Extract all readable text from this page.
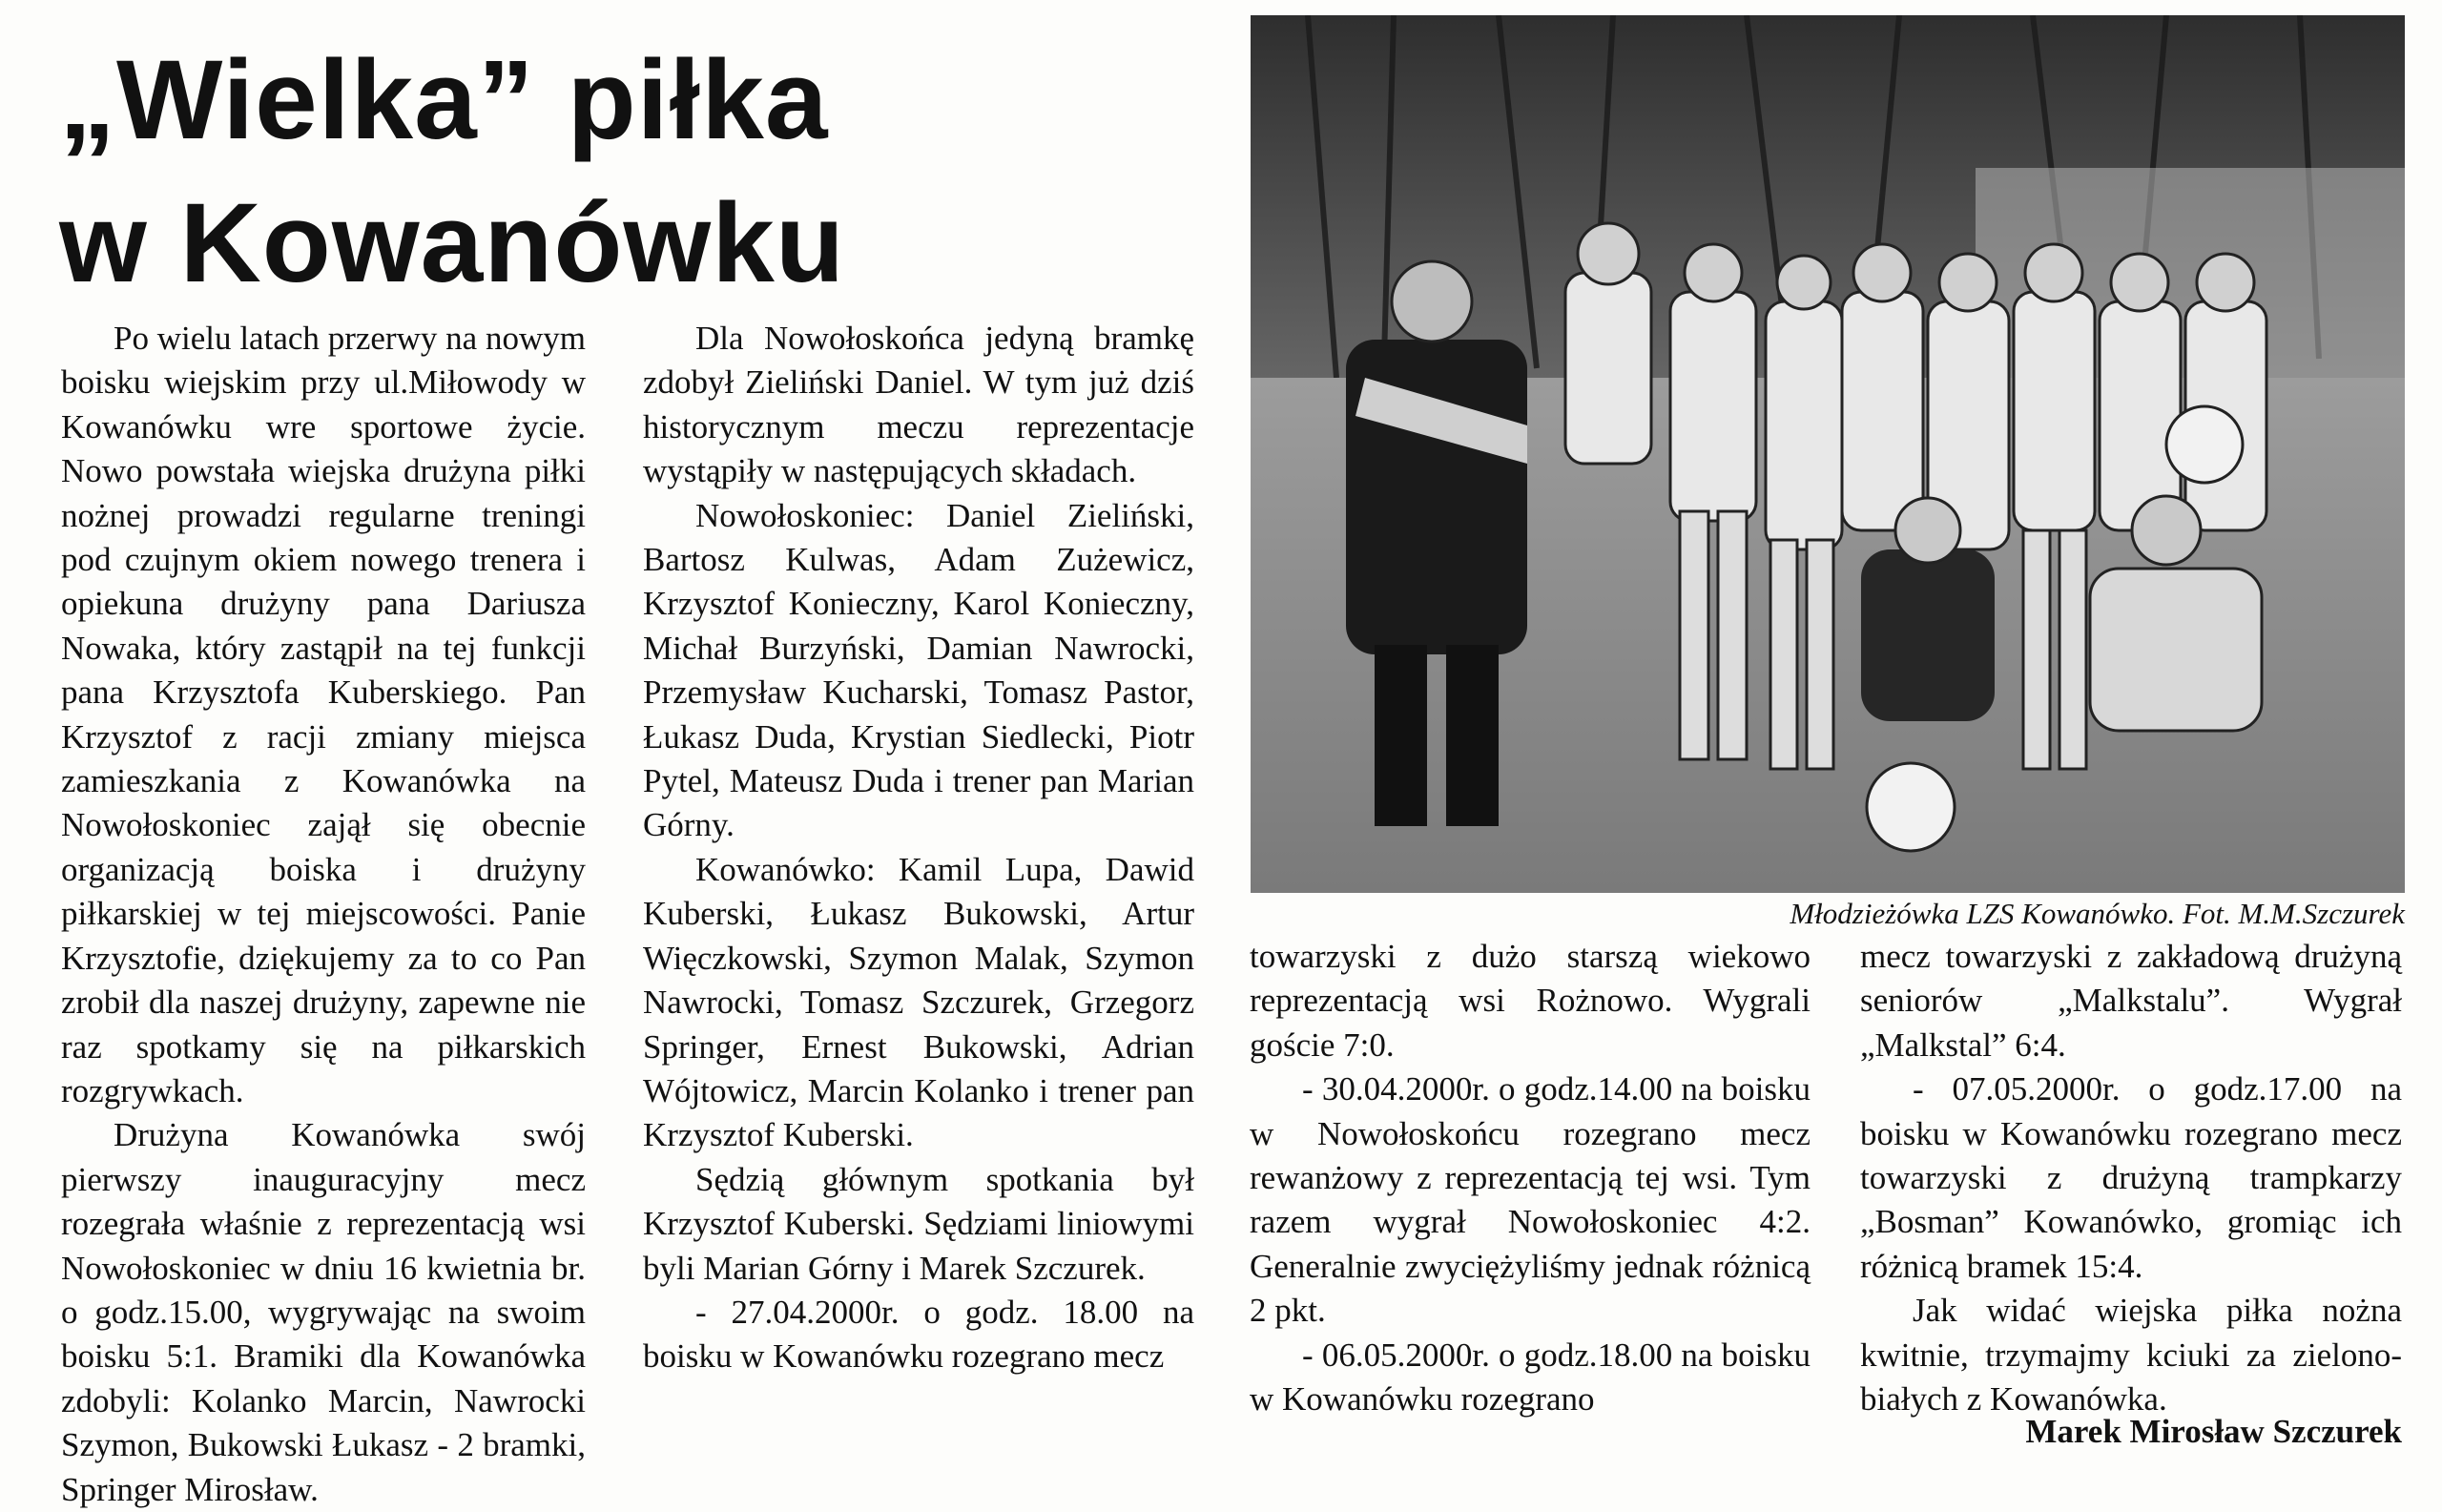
„Wielka” piłka
w Kowanówku

Po wielu latach przerwy na nowym boisku wiejskim przy ul.Miłowody w Kowanówku wre sportowe życie. Nowo powstała wiejska drużyna piłki nożnej prowadzi regularne treningi pod czujnym okiem nowego trenera i opiekuna drużyny pana Dariusza Nowaka, który zastąpił na tej funkcji pana Krzysztofa Kuberskiego. Pan Krzysztof z racji zmiany miejsca zamieszkania z Kowanówka na Nowołoskoniec zajął się obecnie organizacją boiska i drużyny piłkarskiej w tej miejscowości. Panie Krzysztofie, dziękujemy za to co Pan zrobił dla naszej drużyny, zapewne nie raz spotkamy się na piłkarskich rozgrywkach.

Drużyna Kowanówka swój pierwszy inauguracyjny mecz rozegrała właśnie z reprezentacją wsi Nowołoskoniec w dniu 16 kwietnia br. o godz.15.00, wygrywając na swoim boisku 5:1. Bramiki dla Kowanówka zdobyli: Kolanko Marcin, Nawrocki Szymon, Bukowski Łukasz - 2 bramki, Springer Mirosław.

Dla Nowołoskońca jedyną bramkę zdobył Zieliński Daniel. W tym już dziś historycznym meczu reprezentacje wystąpiły w następujących składach.

Nowołoskoniec: Daniel Zieliński, Bartosz Kulwas, Adam Zużewicz, Krzysztof Konieczny, Karol Konieczny, Michał Burzyński, Damian Nawrocki, Przemysław Kucharski, Tomasz Pastor, Łukasz Duda, Krystian Siedlecki, Piotr Pytel, Mateusz Duda i trener pan Marian Górny.

Kowanówko: Kamil Lupa, Dawid Kuberski, Łukasz Bukowski, Artur Więczkowski, Szymon Malak, Szymon Nawrocki, Tomasz Szczurek, Grzegorz Springer, Ernest Bukowski, Adrian Wójtowicz, Marcin Kolanko i trener pan Krzysztof Kuberski.

Sędzią głównym spotkania był Krzysztof Kuberski. Sędziami liniowymi byli Marian Górny i Marek Szczurek.

- 27.04.2000r. o godz. 18.00 na boisku w Kowanówku rozegrano mecz

Młodzieżówka LZS Kowanówko. Fot. M.M.Szczurek

towarzyski z dużo starszą wiekowo reprezentacją wsi Rożnowo. Wygrali goście 7:0.

- 30.04.2000r. o godz.14.00 na boisku w Nowołoskońcu rozegrano mecz rewanżowy z reprezentacją tej wsi. Tym razem wygrał Nowołoskoniec 4:2. Generalnie zwyciężyliśmy jednak różnicą 2 pkt.

- 06.05.2000r. o godz.18.00 na boisku w Kowanówku rozegrano

mecz towarzyski z zakładową drużyną seniorów „Malkstalu”. Wygrał „Malkstal” 6:4.

- 07.05.2000r. o godz.17.00 na boisku w Kowanówku rozegrano mecz towarzyski z drużyną trampkarzy „Bosman” Kowanówko, gromiąc ich różnicą bramek 15:4.

Jak widać wiejska piłka nożna kwitnie, trzymajmy kciuki za zielono-białych z Kowanówka.

Marek Mirosław Szczurek
